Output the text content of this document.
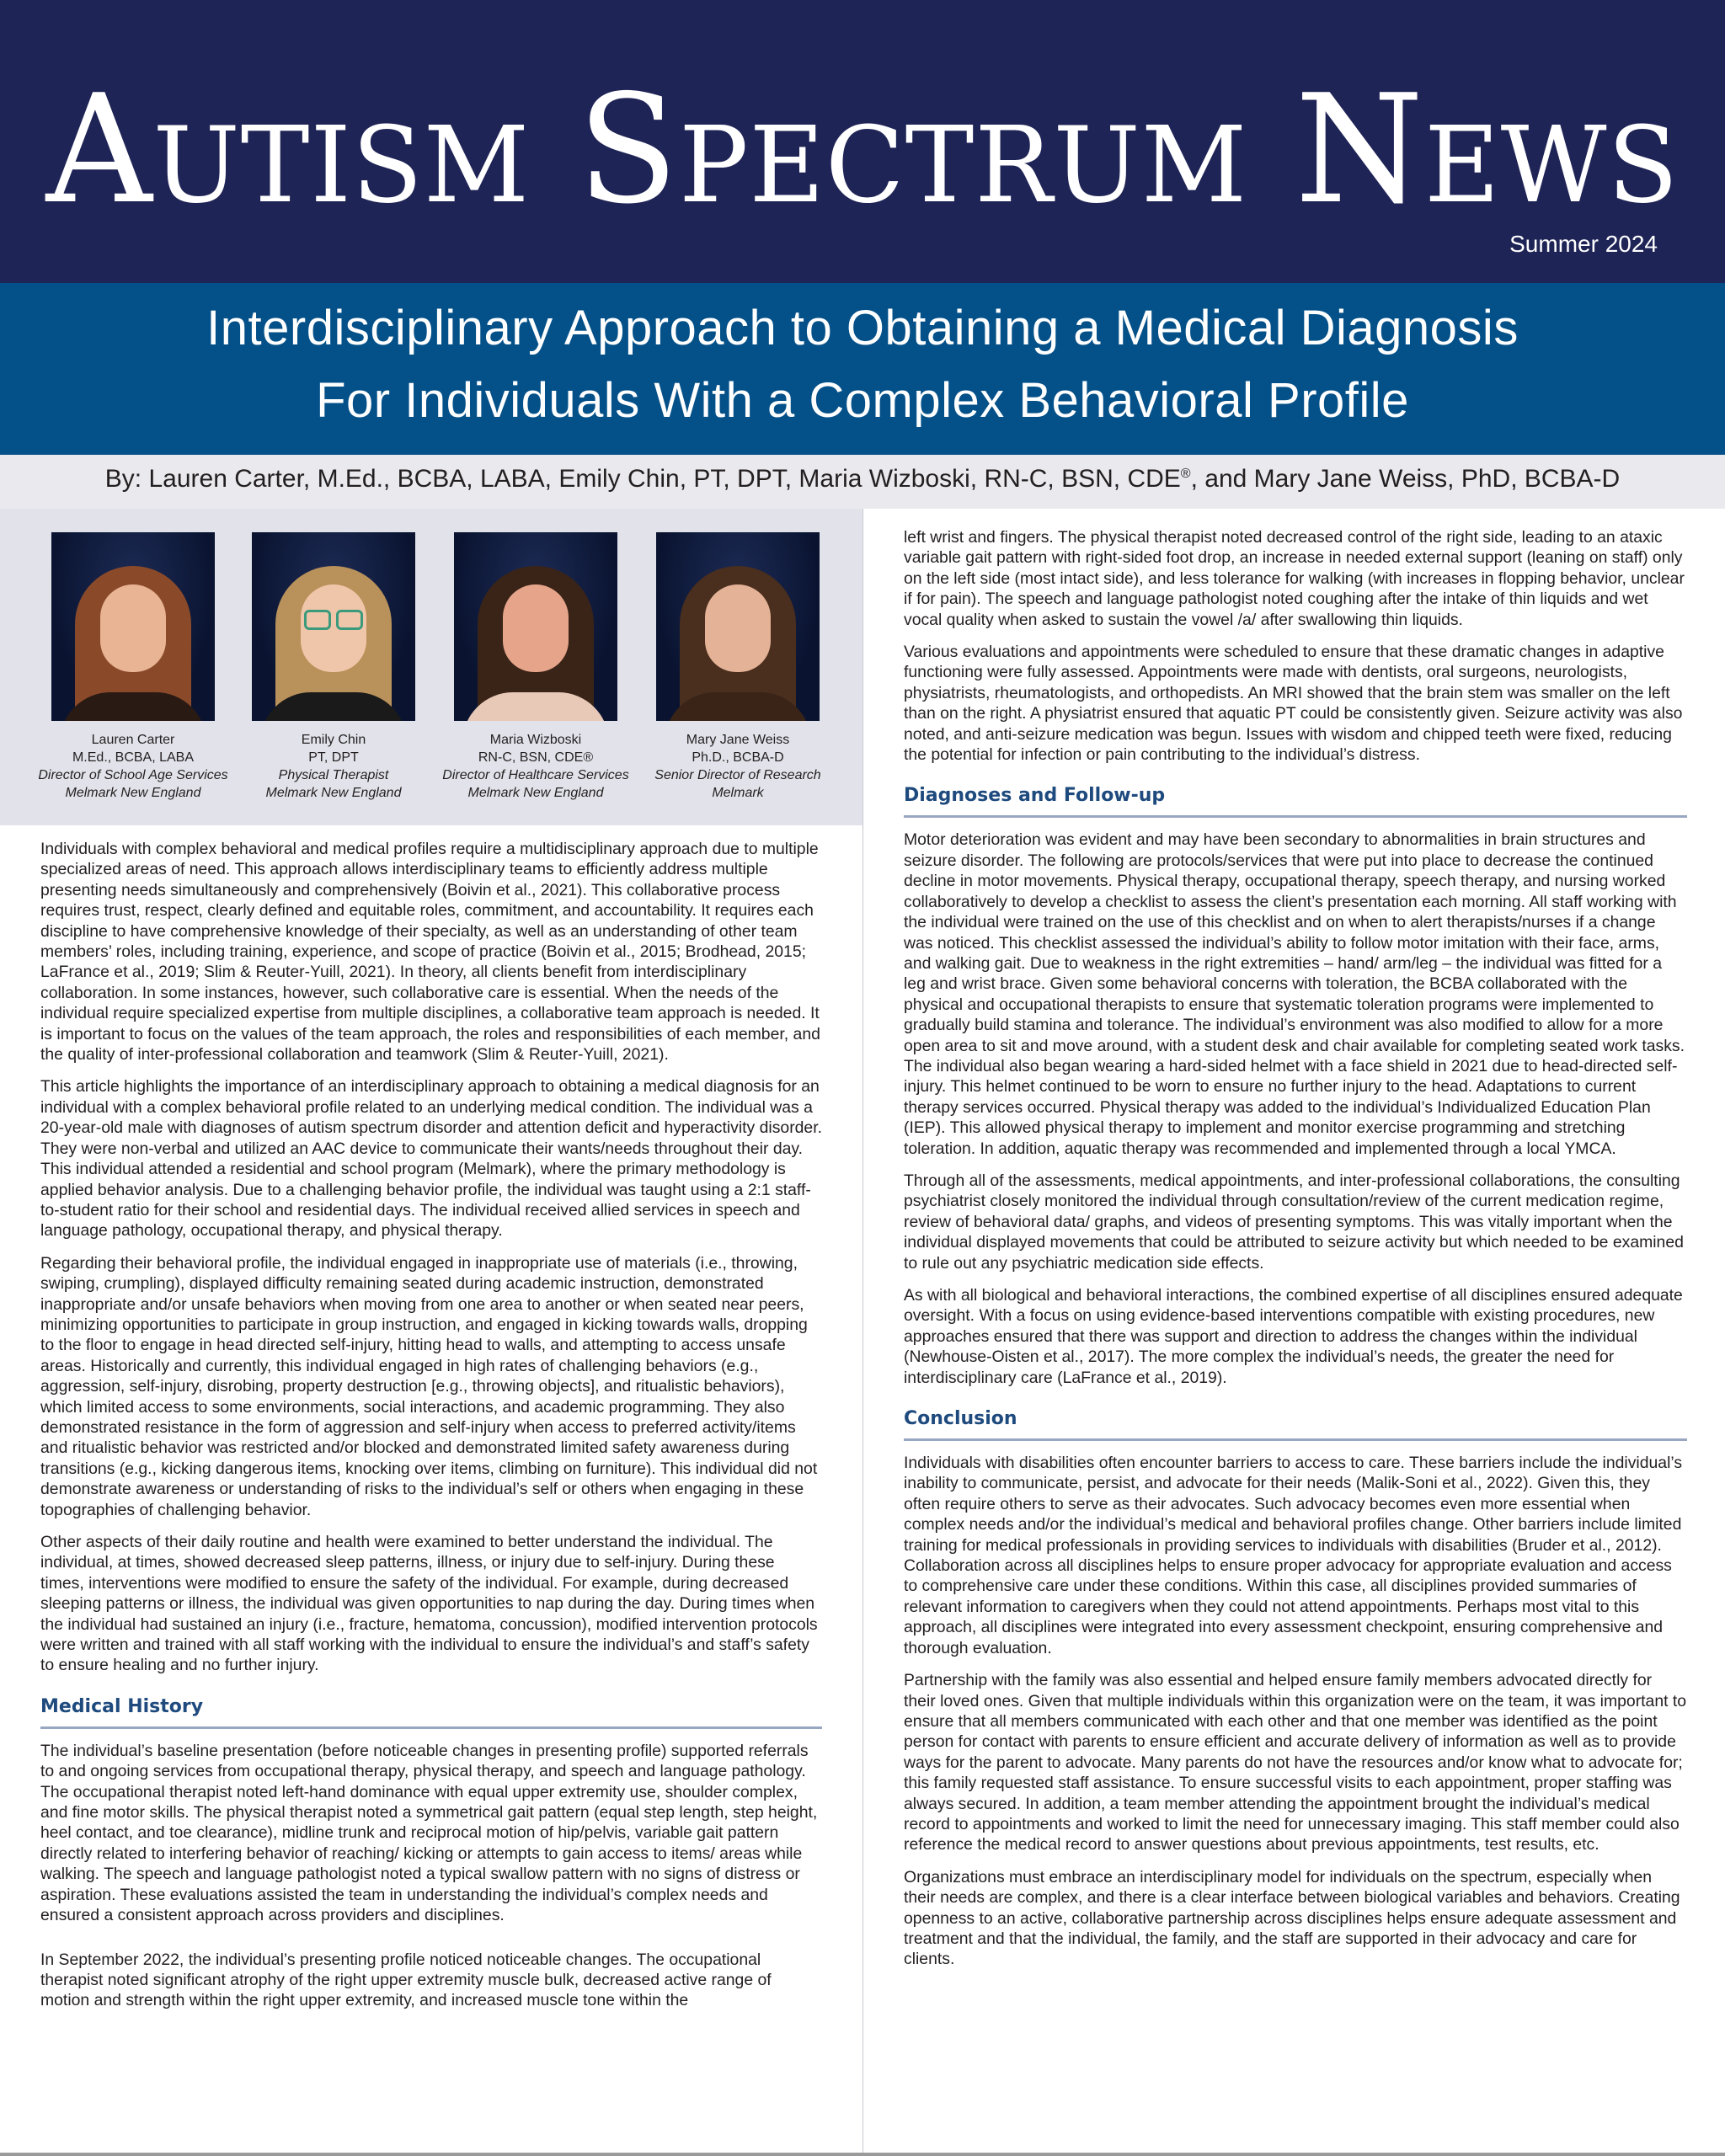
Autism Spectrum News
Summer 2024
Interdisciplinary Approach to Obtaining a Medical Diagnosis
For Individuals With a Complex Behavioral Profile
By: Lauren Carter, M.Ed., BCBA, LABA, Emily Chin, PT, DPT, Maria Wizboski, RN-C, BSN, CDE®, and Mary Jane Weiss, PhD, BCBA-D
Lauren Carter
M.Ed., BCBA, LABA
Director of School Age Services
Melmark New England
Emily Chin
PT, DPT
Physical Therapist
Melmark New England
Maria Wizboski
RN-C, BSN, CDE®
Director of Healthcare Services
Melmark New England
Mary Jane Weiss
Ph.D., BCBA-D
Senior Director of Research
Melmark

Individuals with complex behavioral and medical profiles require a multidisciplinary approach due to multiple specialized areas of need. This approach allows interdisciplinary teams to efficiently address multiple presenting needs simultaneously and comprehensively (Boivin et al., 2021). This collaborative process requires trust, respect, clearly defined and equitable roles, commitment, and accountability. It requires each discipline to have comprehensive knowledge of their specialty, as well as an understanding of other team members’ roles, including training, experience, and scope of practice (Boivin et al., 2015; Brodhead, 2015; LaFrance et al., 2019; Slim & Reuter-Yuill, 2021). In theory, all clients benefit from interdisciplinary collaboration. In some instances, however, such collaborative care is essential. When the needs of the individual require specialized expertise from multiple disciplines, a collaborative team approach is needed. It is important to focus on the values of the team approach, the roles and responsibilities of each member, and the quality of inter-professional collaboration and teamwork (Slim & Reuter-Yuill, 2021).

This article highlights the importance of an interdisciplinary approach to obtaining a medical diagnosis for an individual with a complex behavioral profile related to an underlying medical condition. The individual was a 20-year-old male with diagnoses of autism spectrum disorder and attention deficit and hyperactivity disorder. They were non-verbal and utilized an AAC device to communicate their wants/needs throughout their day. This individual attended a residential and school program (Melmark), where the primary methodology is applied behavior analysis. Due to a challenging behavior profile, the individual was taught using a 2:1 staff-to-student ratio for their school and residential days. The individual received allied services in speech and language pathology, occupational therapy, and physical therapy.

Regarding their behavioral profile, the individual engaged in inappropriate use of materials (i.e., throwing, swiping, crumpling), displayed difficulty remaining seated during academic instruction, demonstrated inappropriate and/or unsafe behaviors when moving from one area to another or when seated near peers, minimizing opportunities to participate in group instruction, and engaged in kicking towards walls, dropping to the floor to engage in head directed self-injury, hitting head to walls, and attempting to access unsafe areas. Historically and currently, this individual engaged in high rates of challenging behaviors (e.g., aggression, self-injury, disrobing, property destruction [e.g., throwing objects], and ritualistic behaviors), which limited access to some environments, social interactions, and academic programming. They also demonstrated resistance in the form of aggression and self-injury when access to preferred activity/items and ritualistic behavior was restricted and/or blocked and demonstrated limited safety awareness during transitions (e.g., kicking dangerous items, knocking over items, climbing on furniture). This individual did not demonstrate awareness or understanding of risks to the individual’s self or others when engaging in these topographies of challenging behavior.

Other aspects of their daily routine and health were examined to better understand the individual. The individual, at times, showed decreased sleep patterns, illness, or injury due to self-injury. During these times, interventions were modified to ensure the safety of the individual. For example, during decreased sleeping patterns or illness, the individual was given opportunities to nap during the day. During times when the individual had sustained an injury (i.e., fracture, hematoma, concussion), modified intervention protocols were written and trained with all staff working with the individual to ensure the individual’s and staff’s safety to ensure healing and no further injury.

Medical History

The individual’s baseline presentation (before noticeable changes in presenting profile) supported referrals to and ongoing services from occupational therapy, physical therapy, and speech and language pathology. The occupational therapist noted left-hand dominance with equal upper extremity use, shoulder complex, and fine motor skills. The physical therapist noted a symmetrical gait pattern (equal step length, step height, heel contact, and toe clearance), midline trunk and reciprocal motion of hip/pelvis, variable gait pattern directly related to interfering behavior of reaching/ kicking or attempts to gain access to items/ areas while walking. The speech and language pathologist noted a typical swallow pattern with no signs of distress or aspiration. These evaluations assisted the team in understanding the individual’s complex needs and ensured a consistent approach across providers and disciplines.

In September 2022, the individual’s presenting profile noticed noticeable changes. The occupational therapist noted significant atrophy of the right upper extremity muscle bulk, decreased active range of motion and strength within the right upper extremity, and increased muscle tone within the

left wrist and fingers. The physical therapist noted decreased control of the right side, leading to an ataxic variable gait pattern with right-sided foot drop, an increase in needed external support (leaning on staff) only on the left side (most intact side), and less tolerance for walking (with increases in flopping behavior, unclear if for pain). The speech and language pathologist noted coughing after the intake of thin liquids and wet vocal quality when asked to sustain the vowel /a/ after swallowing thin liquids.

Various evaluations and appointments were scheduled to ensure that these dramatic changes in adaptive functioning were fully assessed. Appointments were made with dentists, oral surgeons, neurologists, physiatrists, rheumatologists, and orthopedists. An MRI showed that the brain stem was smaller on the left than on the right. A physiatrist ensured that aquatic PT could be consistently given. Seizure activity was also noted, and anti-seizure medication was begun. Issues with wisdom and chipped teeth were fixed, reducing the potential for infection or pain contributing to the individual’s distress.

Diagnoses and Follow-up

Motor deterioration was evident and may have been secondary to abnormalities in brain structures and seizure disorder. The following are protocols/services that were put into place to decrease the continued decline in motor movements. Physical therapy, occupational therapy, speech therapy, and nursing worked collaboratively to develop a checklist to assess the client’s presentation each morning. All staff working with the individual were trained on the use of this checklist and on when to alert therapists/nurses if a change was noticed. This checklist assessed the individual’s ability to follow motor imitation with their face, arms, and walking gait. Due to weakness in the right extremities – hand/ arm/leg – the individual was fitted for a leg and wrist brace. Given some behavioral concerns with toleration, the BCBA collaborated with the physical and occupational therapists to ensure that systematic toleration programs were implemented to gradually build stamina and tolerance. The individual’s environment was also modified to allow for a more open area to sit and move around, with a student desk and chair available for completing seated work tasks. The individual also began wearing a hard-sided helmet with a face shield in 2021 due to head-directed self-injury. This helmet continued to be worn to ensure no further injury to the head. Adaptations to current therapy services occurred. Physical therapy was added to the individual’s Individualized Education Plan (IEP). This allowed physical therapy to implement and monitor exercise programming and stretching toleration. In addition, aquatic therapy was recommended and implemented through a local YMCA.

Through all of the assessments, medical appointments, and inter-professional collaborations, the consulting psychiatrist closely monitored the individual through consultation/review of the current medication regime, review of behavioral data/ graphs, and videos of presenting symptoms. This was vitally important when the individual displayed movements that could be attributed to seizure activity but which needed to be examined to rule out any psychiatric medication side effects.

As with all biological and behavioral interactions, the combined expertise of all disciplines ensured adequate oversight. With a focus on using evidence-based interventions compatible with existing procedures, new approaches ensured that there was support and direction to address the changes within the individual (Newhouse-Oisten et al., 2017). The more complex the individual’s needs, the greater the need for interdisciplinary care (LaFrance et al., 2019).

Conclusion

Individuals with disabilities often encounter barriers to access to care. These barriers include the individual’s inability to communicate, persist, and advocate for their needs (Malik-Soni et al., 2022). Given this, they often require others to serve as their advocates. Such advocacy becomes even more essential when complex needs and/or the individual’s medical and behavioral profiles change. Other barriers include limited training for medical professionals in providing services to individuals with disabilities (Bruder et al., 2012). Collaboration across all disciplines helps to ensure proper advocacy for appropriate evaluation and access to comprehensive care under these conditions. Within this case, all disciplines provided summaries of relevant information to caregivers when they could not attend appointments. Perhaps most vital to this approach, all disciplines were integrated into every assessment checkpoint, ensuring comprehensive and thorough evaluation.

Partnership with the family was also essential and helped ensure family members advocated directly for their loved ones. Given that multiple individuals within this organization were on the team, it was important to ensure that all members communicated with each other and that one member was identified as the point person for contact with parents to ensure efficient and accurate delivery of information as well as to provide ways for the parent to advocate. Many parents do not have the resources and/or know what to advocate for; this family requested staff assistance. To ensure successful visits to each appointment, proper staffing was always secured. In addition, a team member attending the appointment brought the individual’s medical record to appointments and worked to limit the need for unnecessary imaging. This staff member could also reference the medical record to answer questions about previous appointments, test results, etc.

Organizations must embrace an interdisciplinary model for individuals on the spectrum, especially when their needs are complex, and there is a clear interface between biological variables and behaviors. Creating openness to an active, collaborative partnership across disciplines helps ensure adequate assessment and treatment and that the individual, the family, and the staff are supported in their advocacy and care for clients.
